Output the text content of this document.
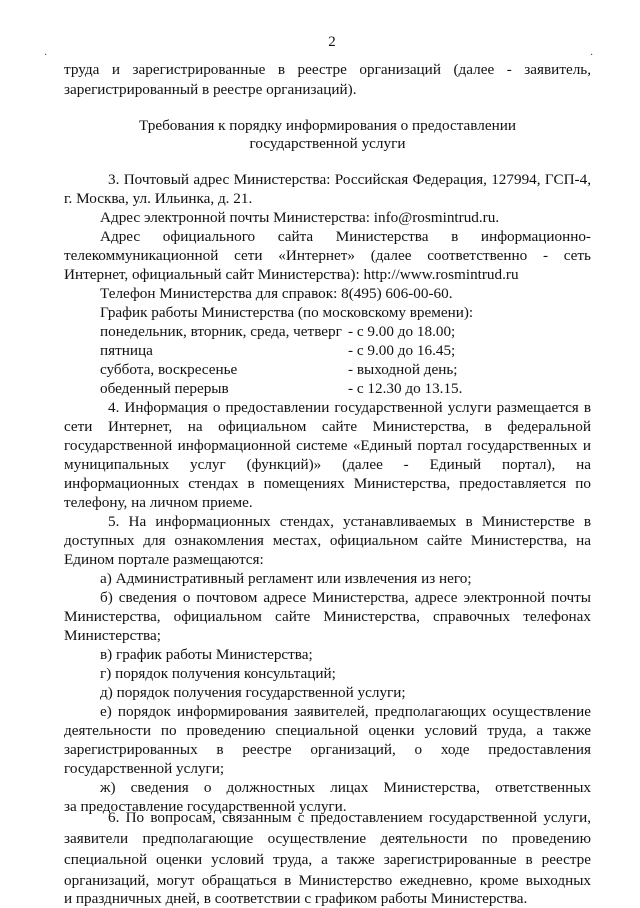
·	·
2
труда и зарегистрированные в реестре организаций (далее - заявитель,
зарегистрированный в реестре организаций).
Требования к порядку информирования о предоставлении
государственной услуги
3. Почтовый адрес Министерства: Российская Федерация, 127994, ГСП-4,
г. Москва, ул. Ильинка, д. 21.
Адрес электронной почты Министерства: info@rosmintrud.ru.
Адрес официального сайта Министерства в информационно-
телекоммуникационной сети «Интернет» (далее соответственно - сеть
Интернет, официальный сайт Министерства): http://www.rosmintrud.ru
Телефон Министерства для справок: 8(495) 606-00-60.
График работы Министерства (по московскому времени):
понедельник, вторник, среда, четверг - с 9.00 до 18.00;
пятница	- с 9.00 до 16.45;
суббота, воскресенье	- выходной день;
обеденный перерыв	- с 12.30 до 13.15.
4. Информация о предоставлении государственной услуги размещается в
сети Интернет, на официальном сайте Министерства, в федеральной
государственной информационной системе «Единый портал государственных и
муниципальных услуг (функций)» (далее - Единый портал), на
информационных стендах в помещениях Министерства, предоставляется по
телефону, на личном приеме.
5. На информационных стендах, устанавливаемых в Министерстве в
доступных для ознакомления местах, официальном сайте Министерства, на
Едином портале размещаются:
а) Административный регламент или извлечения из него;
б) сведения о почтовом адресе Министерства, адресе электронной почты
Министерства, официальном сайте Министерства, справочных телефонах
Министерства;
в) график работы Министерства;
г) порядок получения консультаций;
д) порядок получения государственной услуги;
е) порядок информирования заявителей, предполагающих осуществление
деятельности по проведению специальной оценки условий труда, а также
зарегистрированных в реестре организаций, о ходе предоставления
государственной услуги;
ж) сведения о должностных лицах Министерства, ответственных
за предоставление государственной услуги.
6. По вопросам, связанным с предоставлением государственной услуги,
заявители предполагающие осуществление деятельности по проведению
специальной оценки условий труда, а также зарегистрированные в реестре
организаций, могут обращаться в Министерство ежедневно, кроме выходных
и праздничных дней, в соответствии с графиком работы Министерства.
